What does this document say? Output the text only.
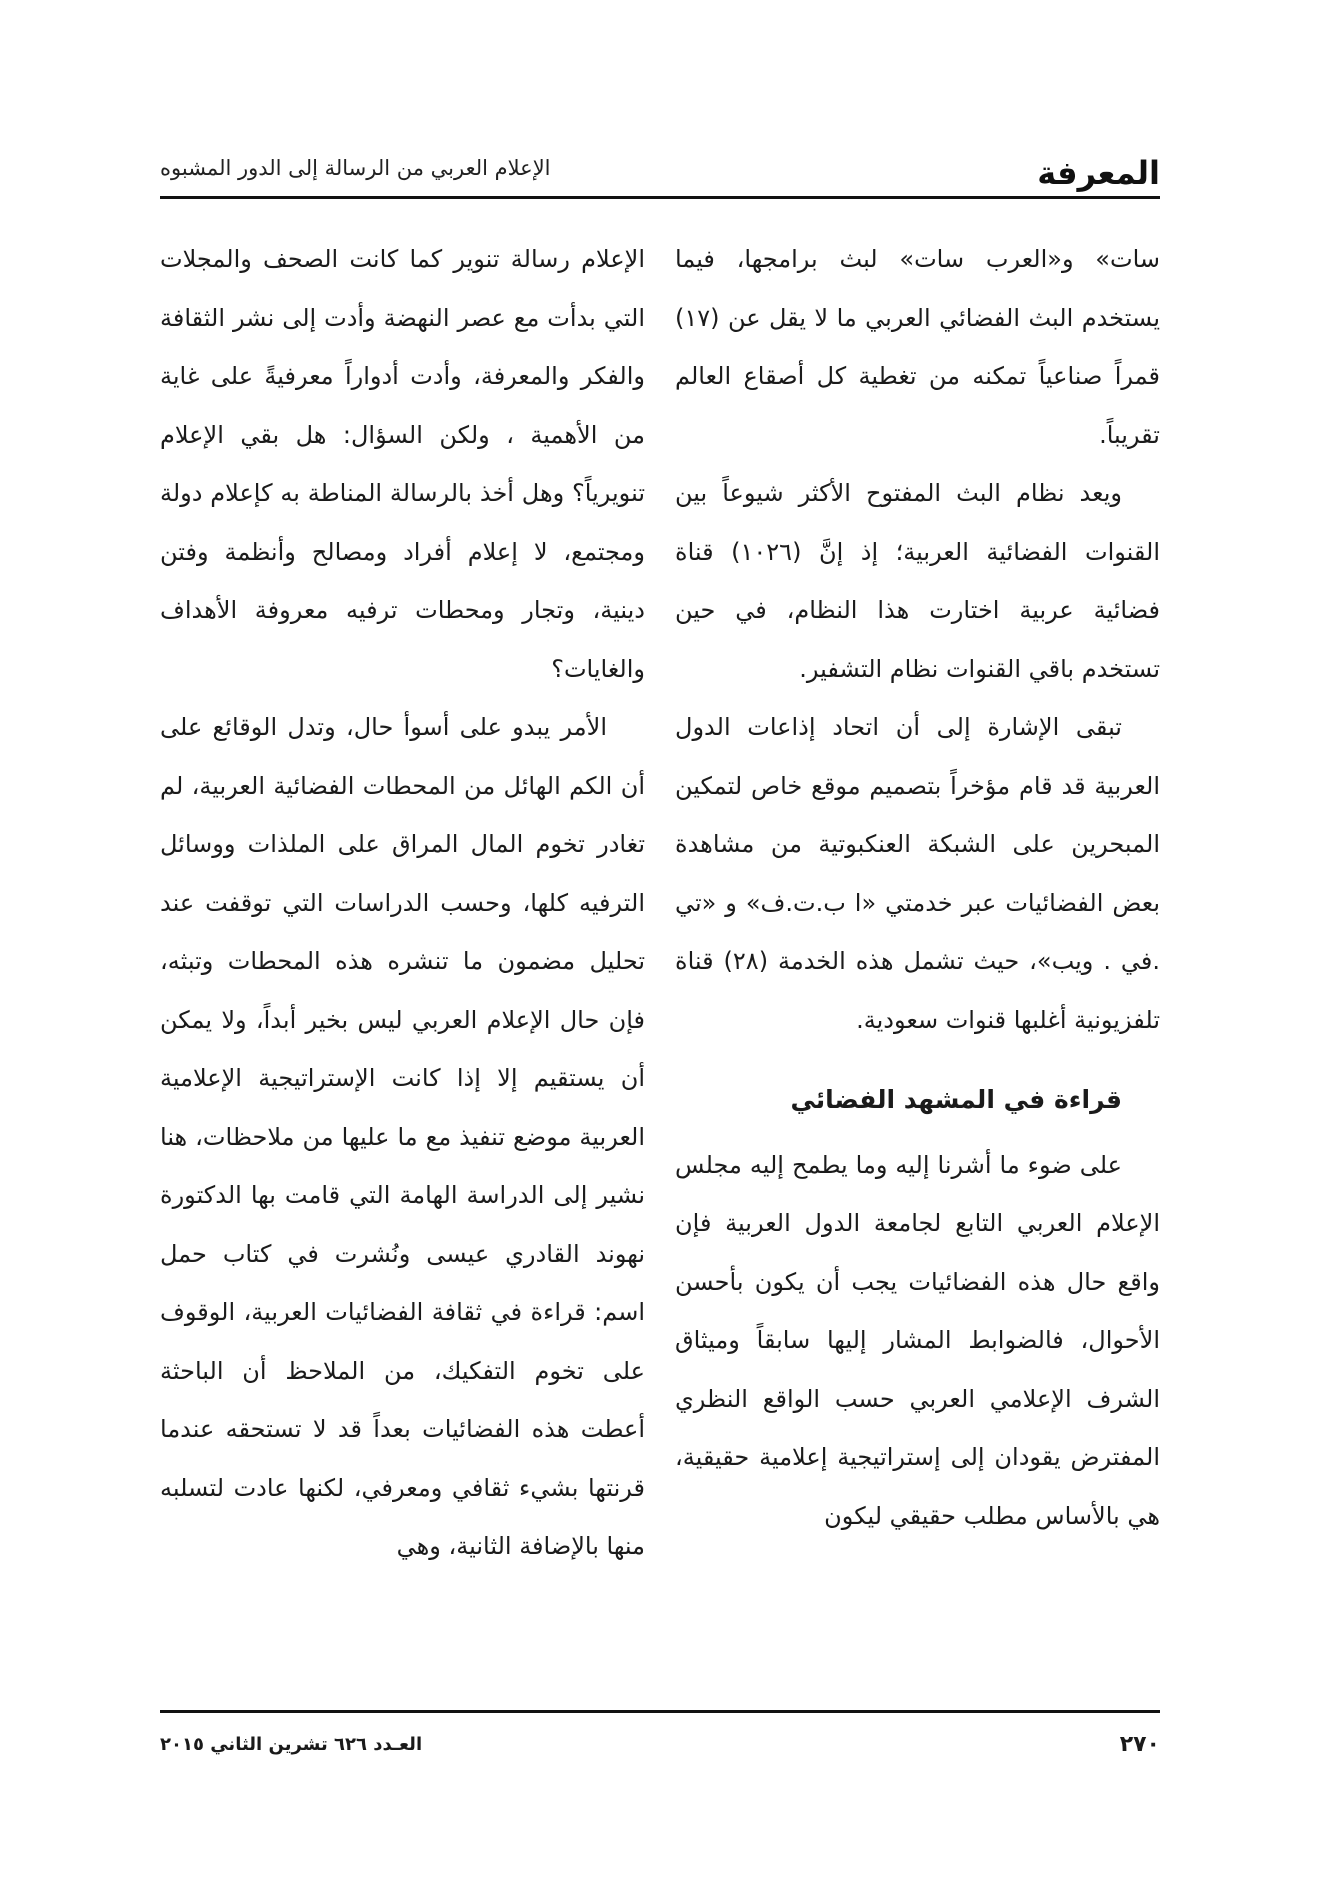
المعرفة
الإعلام العربي من الرسالة إلى الدور المشبوه

سات» و«العرب سات» لبث برامجها، فيما يستخدم البث الفضائي العربي ما لا يقل عن (١٧) قمراً صناعياً تمكنه من تغطية كل أصقاع العالم تقريباً.

ويعد نظام البث المفتوح الأكثر شيوعاً بين القنوات الفضائية العربية؛ إذ إنَّ (١٠٢٦) قناة فضائية عربية اختارت هذا النظام، في حين تستخدم باقي القنوات نظام التشفير.

تبقى الإشارة إلى أن اتحاد إذاعات الدول العربية قد قام مؤخراً بتصميم موقع خاص لتمكين المبحرين على الشبكة العنكبوتية من مشاهدة بعض الفضائيات عبر خدمتي «ا ب.ت.ف» و «تي .في . ويب»، حيث تشمل هذه الخدمة (٢٨) قناة تلفزيونية أغلبها قنوات سعودية.

قراءة في المشهد الفضائي

على ضوء ما أشرنا إليه وما يطمح إليه مجلس الإعلام العربي التابع لجامعة الدول العربية فإن واقع حال هذه الفضائيات يجب أن يكون بأحسن الأحوال، فالضوابط المشار إليها سابقاً وميثاق الشرف الإعلامي العربي حسب الواقع النظري المفترض يقودان إلى إستراتيجية إعلامية حقيقية، هي بالأساس مطلب حقيقي ليكون

الإعلام رسالة تنوير كما كانت الصحف والمجلات التي بدأت مع عصر النهضة وأدت إلى نشر الثقافة والفكر والمعرفة، وأدت أدواراً معرفيةً على غاية من الأهمية ، ولكن السؤال: هل بقي الإعلام تنويرياً؟ وهل أخذ بالرسالة المناطة به كإعلام دولة ومجتمع، لا إعلام أفراد ومصالح وأنظمة وفتن دينية، وتجار ومحطات ترفيه معروفة الأهداف والغايات؟

الأمر يبدو على أسوأ حال، وتدل الوقائع على أن الكم الهائل من المحطات الفضائية العربية، لم تغادر تخوم المال المراق على الملذات ووسائل الترفيه كلها، وحسب الدراسات التي توقفت عند تحليل مضمون ما تنشره هذه المحطات وتبثه، فإن حال الإعلام العربي ليس بخير أبداً، ولا يمكن أن يستقيم إلا إذا كانت الإستراتيجية الإعلامية العربية موضع تنفيذ مع ما عليها من ملاحظات، هنا نشير إلى الدراسة الهامة التي قامت بها الدكتورة نهوند القادري عيسى ونُشرت في كتاب حمل اسم: قراءة في ثقافة الفضائيات العربية، الوقوف على تخوم التفكيك، من الملاحظ أن الباحثة أعطت هذه الفضائيات بعداً قد لا تستحقه عندما قرنتها بشيء ثقافي ومعرفي، لكنها عادت لتسلبه منها بالإضافة الثانية، وهي

٢٧٠
العـدد ٦٢٦ تشرين الثاني ٢٠١٥
